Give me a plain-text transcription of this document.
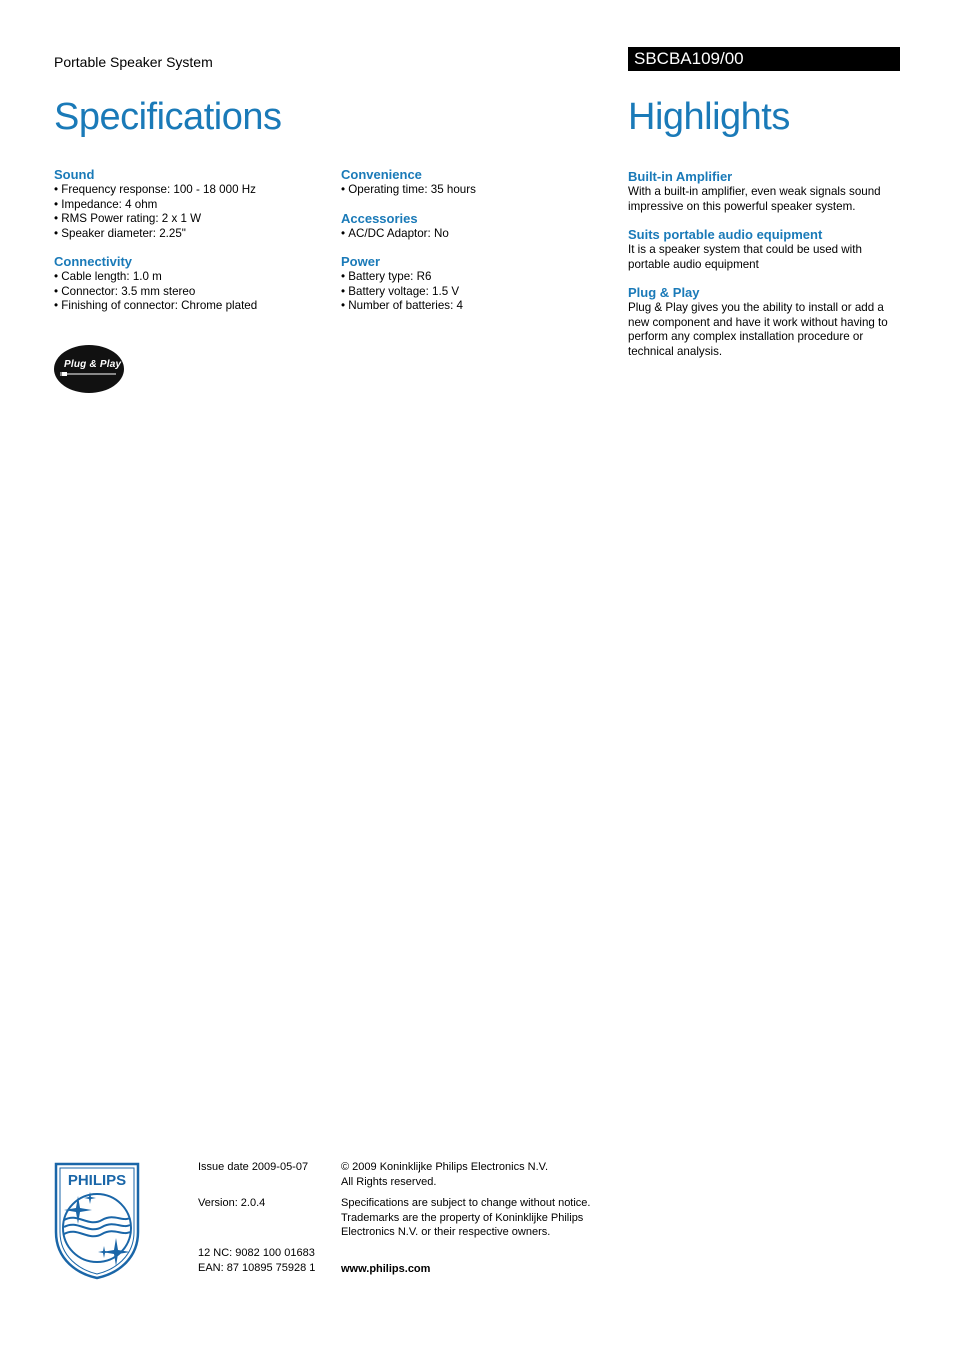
Portable Speaker System	SBCBA109/00
Specifications	Highlights
Sound
• Frequency response: 100 - 18 000 Hz
• Impedance: 4 ohm
• RMS Power rating: 2 x 1 W
• Speaker diameter: 2.25"
Connectivity
• Cable length: 1.0 m
• Connector: 3.5 mm stereo
• Finishing of connector: Chrome plated
Convenience
• Operating time: 35 hours
Accessories
• AC/DC Adaptor: No
Power
• Battery type: R6
• Battery voltage: 1.5 V
• Number of batteries: 4
Plug & Play
Built-in Amplifier

With a built-in amplifier, even weak signals sound impressive on this powerful speaker system.

Suits portable audio equipment

It is a speaker system that could be used with portable audio equipment

Plug & Play

Plug & Play gives you the ability to install or add a new component and have it work without having to perform any complex installation procedure or technical analysis.

PHILIPS

Issue date 2009-05-07

Version: 2.0.4

12 NC: 9082 100 01683

EAN: 87 10895 75928 1

© 2009 Koninklijke Philips Electronics N.V.

All Rights reserved.

Specifications are subject to change without notice.

Trademarks are the property of Koninklijke Philips

Electronics N.V. or their respective owners.

www.philips.com
